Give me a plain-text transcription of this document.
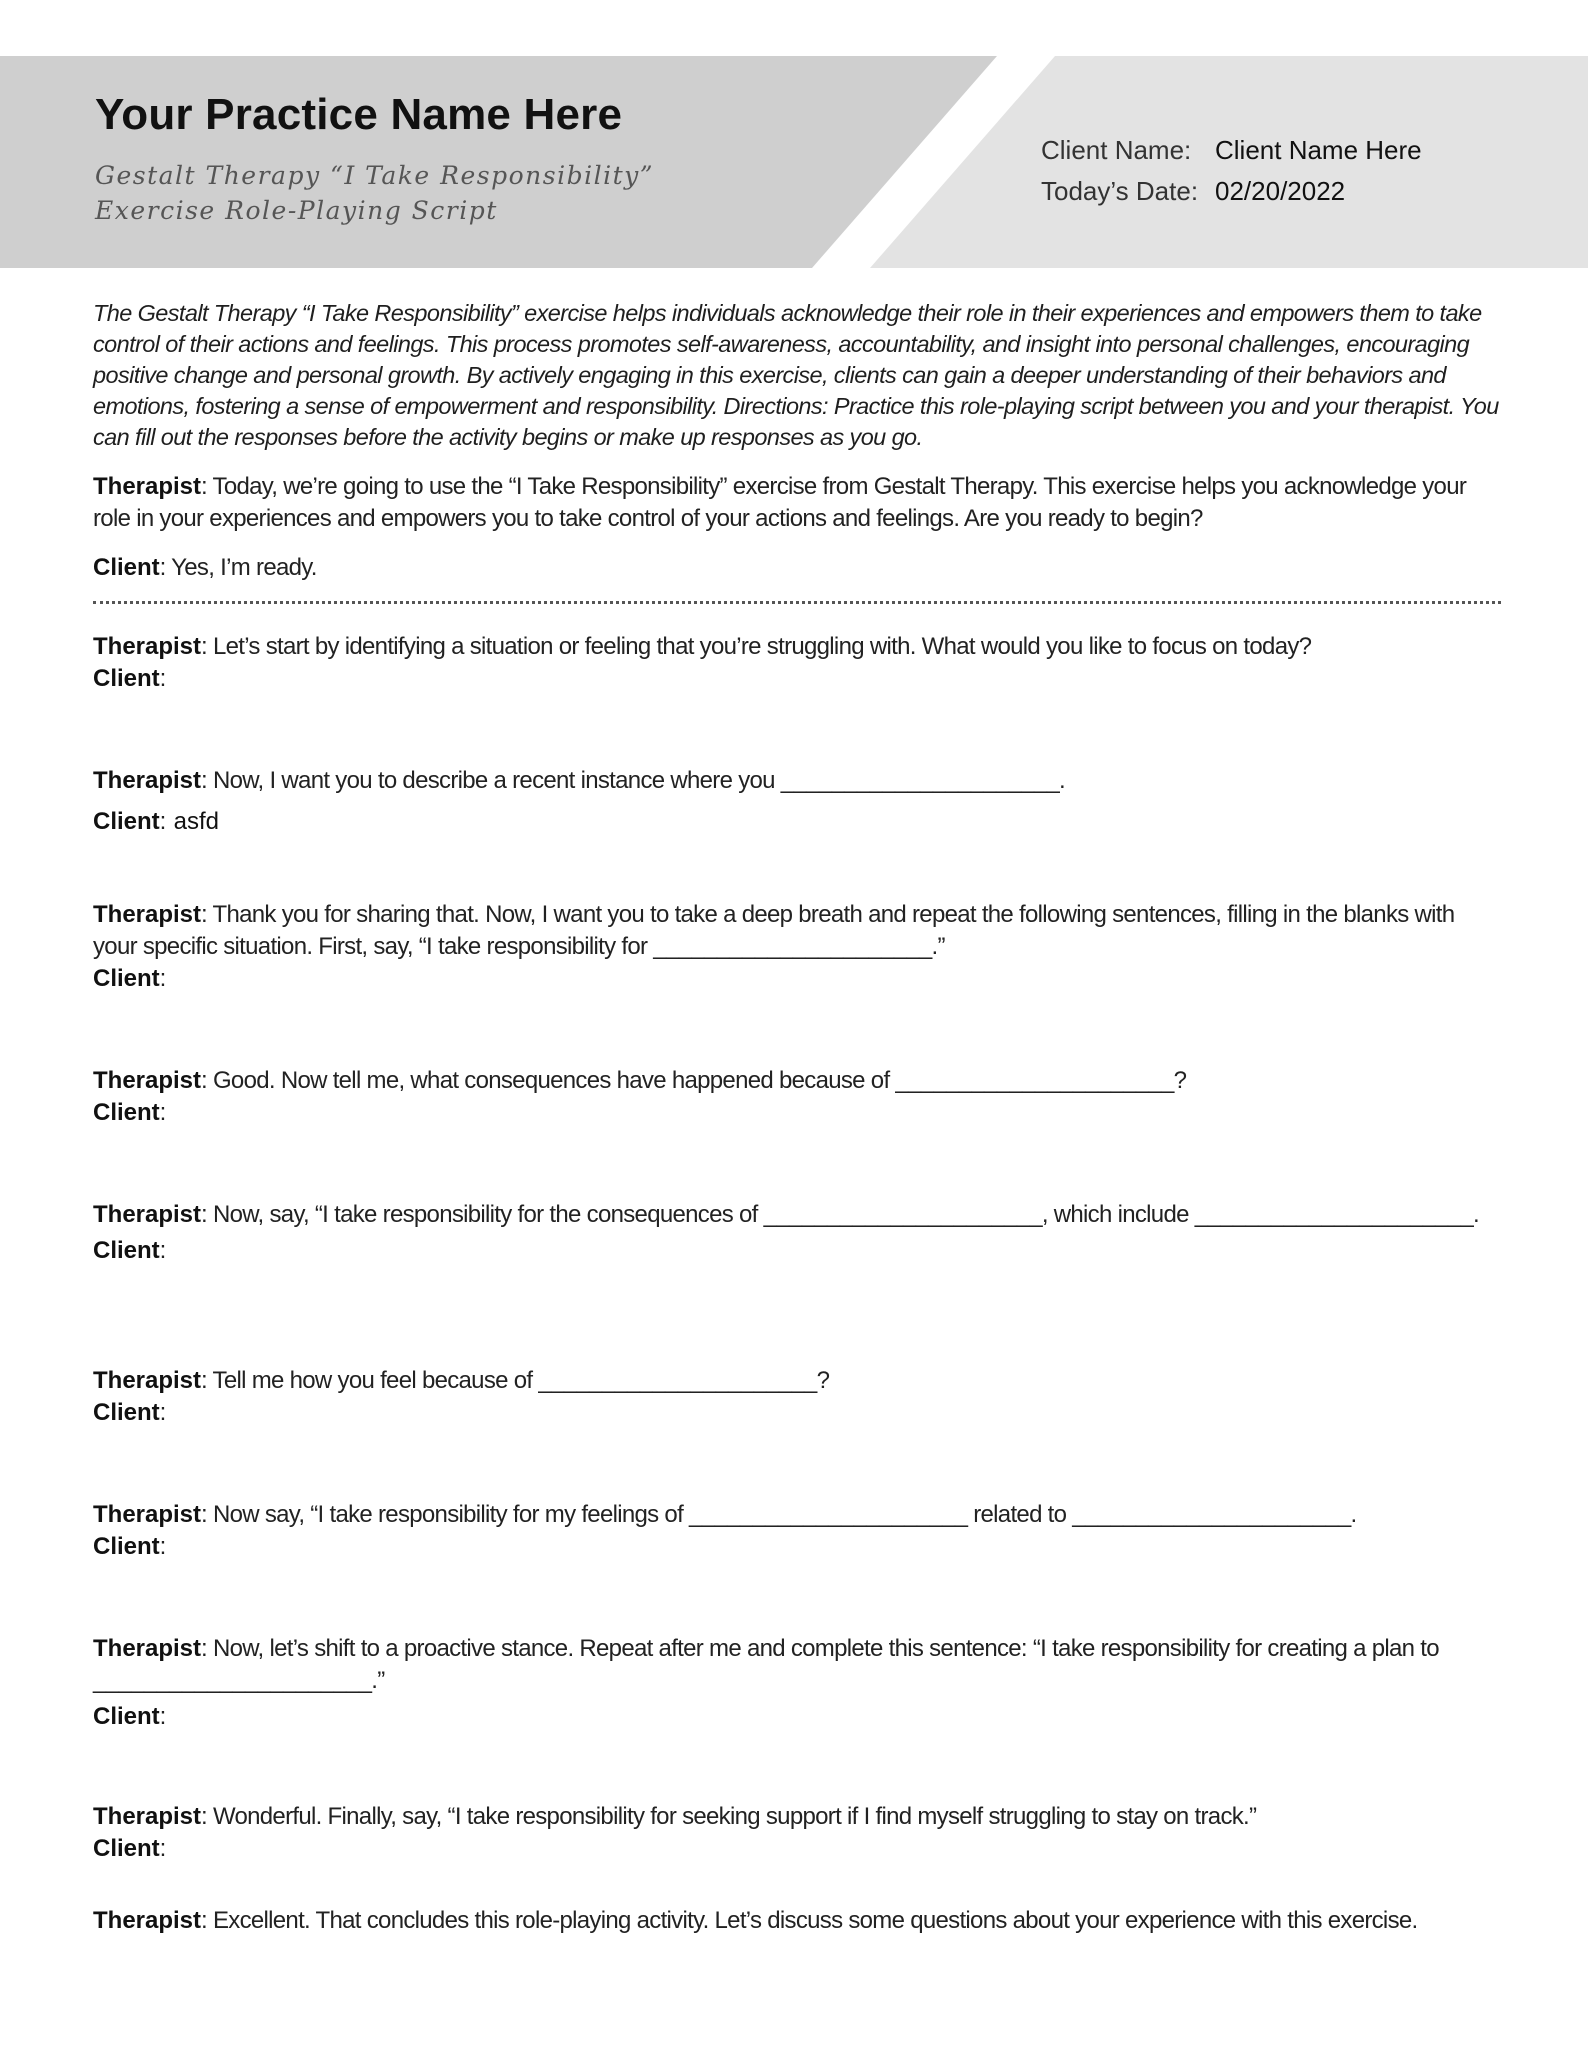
Your Practice Name Here
Gestalt Therapy “I Take Responsibility”
Exercise Role-Playing Script
Client Name: Client Name Here
Today’s Date: 02/20/2022

The Gestalt Therapy “I Take Responsibility” exercise helps individuals acknowledge their role in their experiences and empowers them to take control of their actions and feelings. This process promotes self-awareness, accountability, and insight into personal challenges, encouraging positive change and personal growth. By actively engaging in this exercise, clients can gain a deeper understanding of their behaviors and emotions, fostering a sense of empowerment and responsibility. Directions: Practice this role-playing script between you and your therapist. You can fill out the responses before the activity begins or make up responses as you go.

Therapist: Today, we’re going to use the “I Take Responsibility” exercise from Gestalt Therapy. This exercise helps you acknowledge your role in your experiences and empowers you to take control of your actions and feelings. Are you ready to begin?

Client: Yes, I’m ready.

Therapist: Let’s start by identifying a situation or feeling that you’re struggling with. What would you like to focus on today?

Client:

Therapist: Now, I want you to describe a recent instance where you ______________________.

Client: asfd

Therapist: Thank you for sharing that. Now, I want you to take a deep breath and repeat the following sentences, filling in the blanks with your specific situation. First, say, “I take responsibility for ______________________.”

Client:

Therapist: Good. Now tell me, what consequences have happened because of ______________________?

Client:

Therapist: Now, say, “I take responsibility for the consequences of ______________________, which include ______________________.

Client:

Therapist: Tell me how you feel because of ______________________?

Client:

Therapist: Now say, “I take responsibility for my feelings of ______________________ related to ______________________.

Client:

Therapist: Now, let’s shift to a proactive stance. Repeat after me and complete this sentence: “I take responsibility for creating a plan to ______________________.”

Client:

Therapist: Wonderful. Finally, say, “I take responsibility for seeking support if I find myself struggling to stay on track.”

Client:

Therapist: Excellent. That concludes this role-playing activity. Let’s discuss some questions about your experience with this exercise.
